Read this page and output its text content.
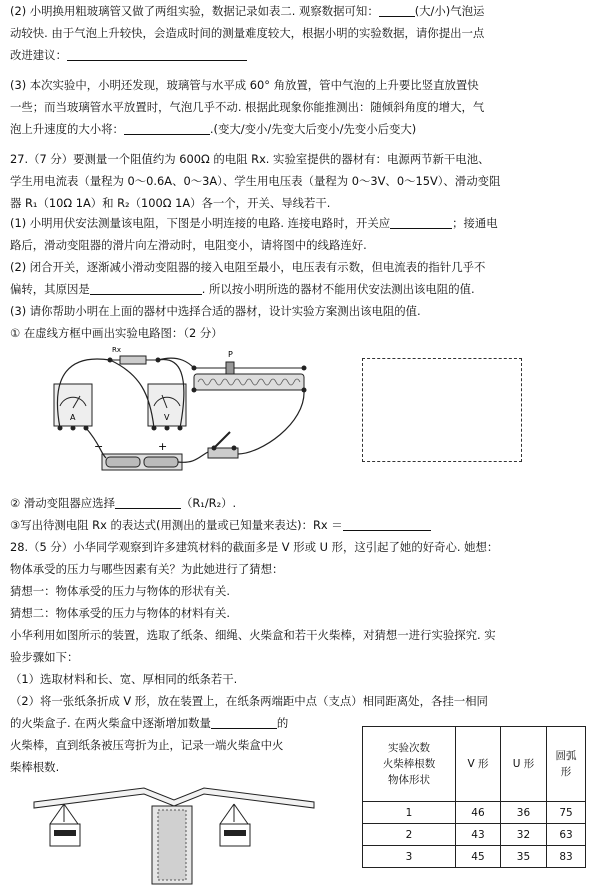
(2) 小明换用粗玻璃管又做了两组实验，数据记录如表二. 观察数据可知：	(大/小)气泡运
动较快. 由于气泡上升较快，会造成时间的测量难度较大，根据小明的实验数据，请你提出一点
改进建议：
(3) 本次实验中，小明还发现，玻璃管与水平成 60° 角放置，管中气泡的上升要比竖直放置快
一些；而当玻璃管水平放置时，气泡几乎不动. 根据此现象你能推测出：随倾斜角度的增大，气
泡上升速度的大小将：	.(变大/变小/先变大后变小/先变小后变大)
27.（7 分）要测量一个阻值约为 600Ω 的电阻 Rx. 实验室提供的器材有：电源两节新干电池、
学生用电流表（量程为 0～0.6A、0～3A）、学生用电压表（量程为 0～3V、0～15V）、滑动变阻
器 R₁（10Ω 1A）和 R₂（100Ω 1A）各一个，开关、导线若干.
(1) 小明用伏安法测量该电阻，下图是小明连接的电路. 连接电路时，开关应	；接通电
路后，滑动变阻器的滑片向左滑动时，电阻变小，请将图中的线路连好.
(2) 闭合开关，逐渐减小滑动变阻器的接入电阻至最小，电压表有示数，但电流表的指针几乎不
偏转，其原因是	. 所以按小明所选的器材不能用伏安法测出该电阻的值.
(3) 请你帮助小明在上面的器材中选择合适的器材，设计实验方案测出该电阻的值.
① 在虚线方框中画出实验电路图：（2 分）
Rx
A	V
P
−	+
② 滑动变阻器应选择	（R₁/R₂）.
③写出待测电阻 Rx 的表达式(用测出的量或已知量来表达)：Rx ＝
28.（5 分）小华同学观察到许多建筑材料的截面多是 V 形或 U 形，这引起了她的好奇心. 她想：
物体承受的压力与哪些因素有关？为此她进行了猜想：
猜想一：物体承受的压力与物体的形状有关.
猜想二：物体承受的压力与物体的材料有关.
小华利用如图所示的装置，选取了纸条、细绳、火柴盒和若干火柴棒，对猜想一进行实验探究. 实
验步骤如下：
（1）选取材料和长、宽、厚相同的纸条若干.
（2）将一张纸条折成 V 形，放在装置上，在纸条两端距中点（支点）相同距离处，各挂一相同
的火柴盒子. 在两火柴盒中逐渐增加数量	的
火柴棒，直到纸条被压弯折为止，记录一端火柴盒中火
柴棒根数.
实验次数
火柴棒根数
物体形状	V 形	U 形	圆弧形
1	46	36	75
2	43	32	63
3	45	35	83
